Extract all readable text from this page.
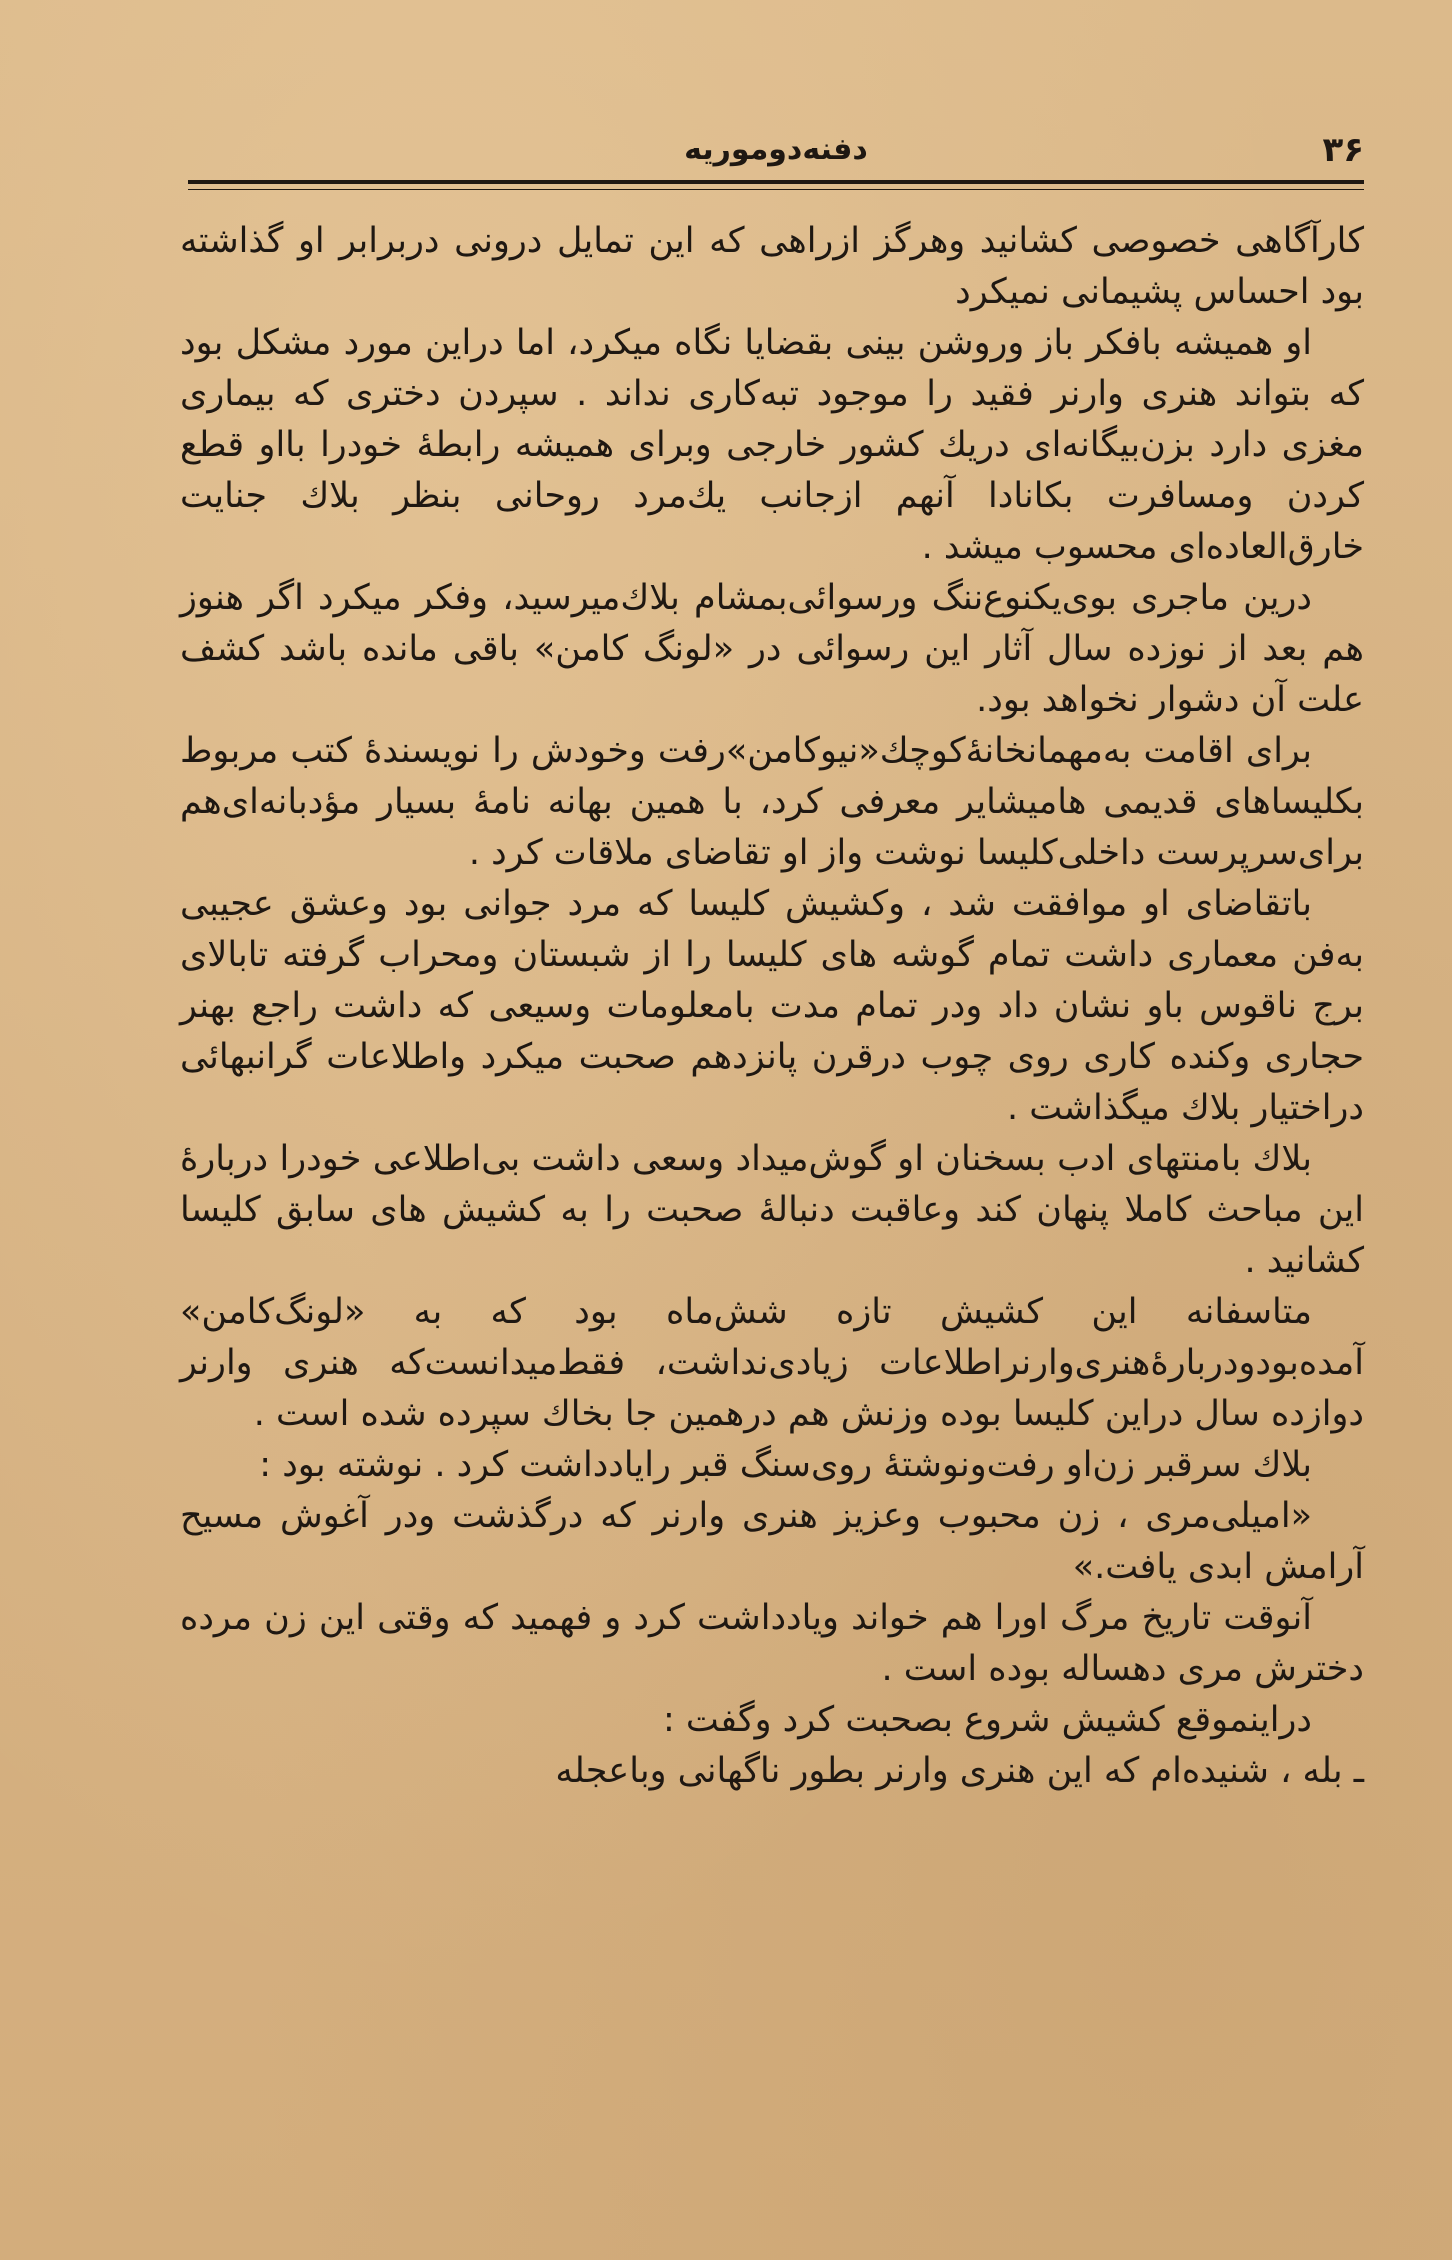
۳۶
دفنه‌دوموریه

کارآگاهی خصوصی کشانید وهرگز ازراهی که این تمایل درونی دربرابر او گذاشته بود احساس پشیمانی نمیکرد

او همیشه بافکر باز وروشن بینی بقضایا نگاه میکرد، اما دراین مورد مشکل بود که بتواند هنری وارنر فقید را موجود تبه‌کاری نداند . سپردن دختری که بیماری مغزی دارد بزن‌بیگانه‌ای دریك کشور خارجی وبرای همیشه رابطهٔ خودرا بااو قطع کردن ومسافرت بکانادا آنهم ازجانب یك‌مرد روحانی بنظر بلاك جنایت خارق‌العاده‌ای محسوب میشد .

درین ماجری بوی‌یکنوع‌ننگ ورسوائی‌بمشام بلاك‌میرسید، وفکر میکرد اگر هنوز هم بعد از نوزده سال آثار این رسوائی در «لونگ کامن» باقی مانده باشد کشف علت آن دشوار نخواهد بود.

برای اقامت به‌مهمانخانهٔ‌کوچك«نیوکامن»رفت وخودش را نویسندهٔ کتب مربوط بکلیساهای قدیمی هامیشایر معرفی کرد، با همین بهانه نامهٔ بسیار مؤدبانه‌ای‌هم برای‌سرپرست داخلی‌کلیسا نوشت واز او تقاضای ملاقات کرد .

باتقاضای او موافقت شد ، وکشیش کلیسا که مرد جوانی بود وعشق عجیبی به‌فن معماری داشت تمام گوشه های کلیسا را از شبستان ومحراب گرفته تابالای برج ناقوس باو نشان داد ودر تمام مدت بامعلومات وسیعی که داشت راجع بهنر حجاری وکنده کاری روی چوب درقرن پانزدهم صحبت میکرد واطلاعات گرانبهائی دراختیار بلاك میگذاشت .

بلاك بامنتهای ادب بسخنان او گوش‌میداد وسعی داشت بی‌اطلاعی خودرا دربارهٔ این مباحث کاملا پنهان کند وعاقبت دنبالهٔ صحبت را به کشیش های سابق کلیسا کشانید .

متاسفانه این کشیش تازه شش‌ماه بود که به «لونگ‌کامن» آمده‌بودودربارهٔ‌هنری‌وارنر‌اطلاعات زیادی‌نداشت، فقط‌میدانست‌که هنری وارنر دوازده سال دراین کلیسا بوده وزنش هم درهمین جا بخاك سپرده شده است .

بلاك سرقبر زن‌او رفت‌ونوشتهٔ روی‌سنگ قبر رایادداشت کرد . نوشته بود :

«امیلی‌مری ، زن محبوب وعزیز هنری وارنر که درگذشت ودر آغوش مسیح آرامش ابدی یافت.»

آنوقت تاریخ مرگ اورا هم خواند ویادداشت کرد و فهمید که وقتی این زن مرده دخترش مری دهساله بوده است .

دراینموقع کشیش شروع بصحبت کرد وگفت :

ـ بله ، شنیده‌ام که این هنری وارنر بطور ناگهانی وباعجله
